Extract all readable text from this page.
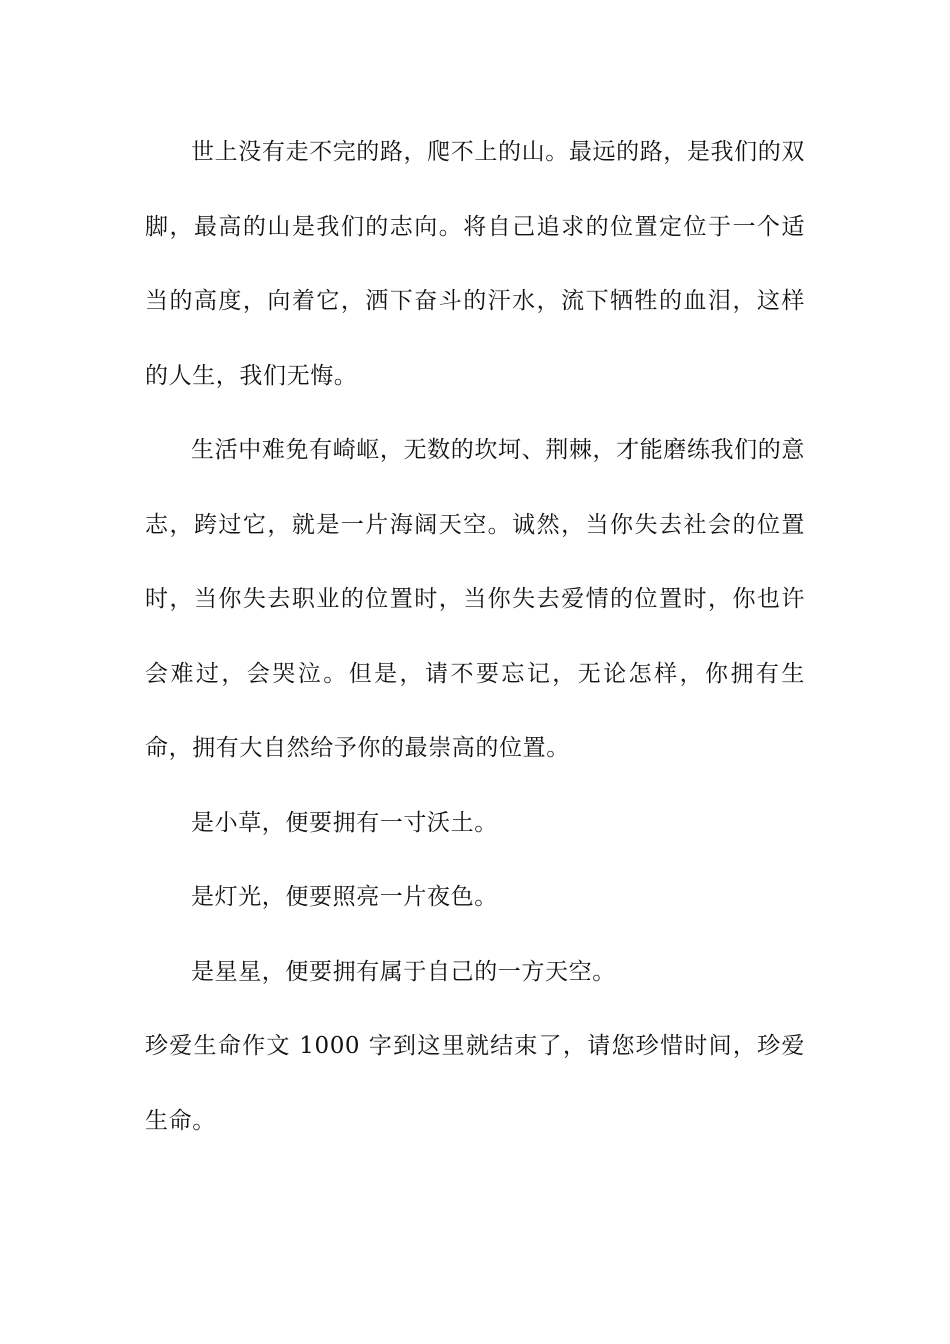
世上没有走不完的路，爬不上的山。最远的路，是我们的双脚，最高的山是我们的志向。将自己追求的位置定位于一个适当的高度，向着它，洒下奋斗的汗水，流下牺牲的血泪，这样的人生，我们无悔。

生活中难免有崎岖，无数的坎坷、荆棘，才能磨练我们的意志，跨过它，就是一片海阔天空。诚然，当你失去社会的位置时，当你失去职业的位置时，当你失去爱情的位置时，你也许会难过，会哭泣。但是，请不要忘记，无论怎样，你拥有生命，拥有大自然给予你的最崇高的位置。

是小草，便要拥有一寸沃土。

是灯光，便要照亮一片夜色。

是星星，便要拥有属于自己的一方天空。

珍爱生命作文 1000 字到这里就结束了，请您珍惜时间，珍爱生命。
